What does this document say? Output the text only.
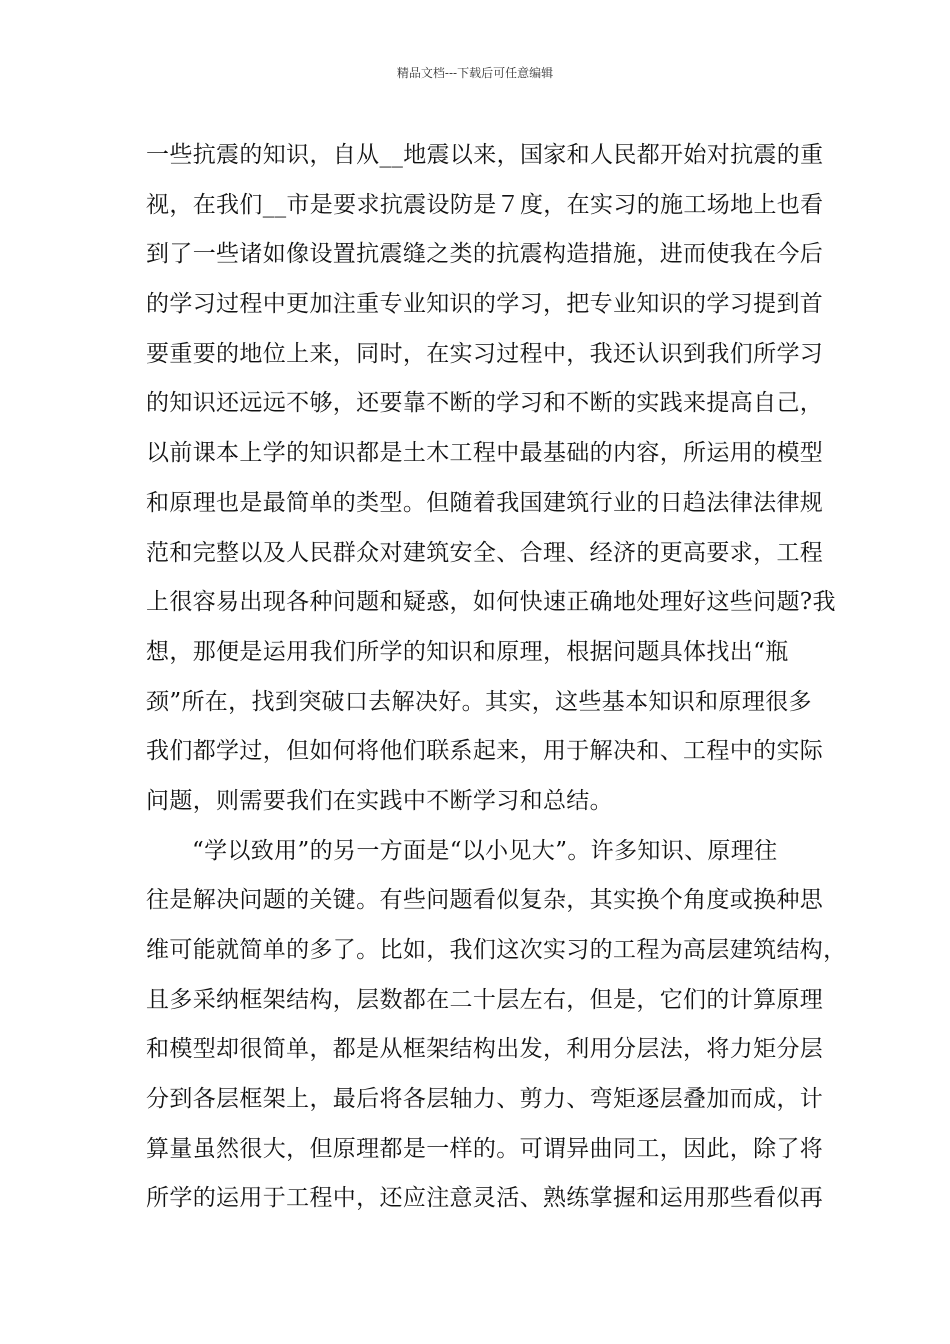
精品文档---下载后可任意编辑
一些抗震的知识，自从__地震以来，国家和人民都开始对抗震的重
视，在我们__市是要求抗震设防是７度，在实习的施工场地上也看
到了一些诸如像设置抗震缝之类的抗震构造措施，进而使我在今后
的学习过程中更加注重专业知识的学习，把专业知识的学习提到首
要重要的地位上来，同时，在实习过程中，我还认识到我们所学习
的知识还远远不够，还要靠不断的学习和不断的实践来提高自己，
以前课本上学的知识都是土木工程中最基础的内容，所运用的模型
和原理也是最简单的类型。但随着我国建筑行业的日趋法律法律规
范和完整以及人民群众对建筑安全、合理、经济的更高要求，工程
上很容易出现各种问题和疑惑，如何快速正确地处理好这些问题?我
想，那便是运用我们所学的知识和原理，根据问题具体找出“瓶
颈”所在，找到突破口去解决好。其实，这些基本知识和原理很多
我们都学过，但如何将他们联系起来，用于解决和、工程中的实际
问题，则需要我们在实践中不断学习和总结。
“学以致用”的另一方面是“以小见大”。许多知识、原理往
往是解决问题的关键。有些问题看似复杂，其实换个角度或换种思
维可能就简单的多了。比如，我们这次实习的工程为高层建筑结构，
且多采纳框架结构，层数都在二十层左右，但是，它们的计算原理
和模型却很简单，都是从框架结构出发，利用分层法，将力矩分层
分到各层框架上，最后将各层轴力、剪力、弯矩逐层叠加而成，计
算量虽然很大，但原理都是一样的。可谓异曲同工，因此，除了将
所学的运用于工程中，还应注意灵活、熟练掌握和运用那些看似再
